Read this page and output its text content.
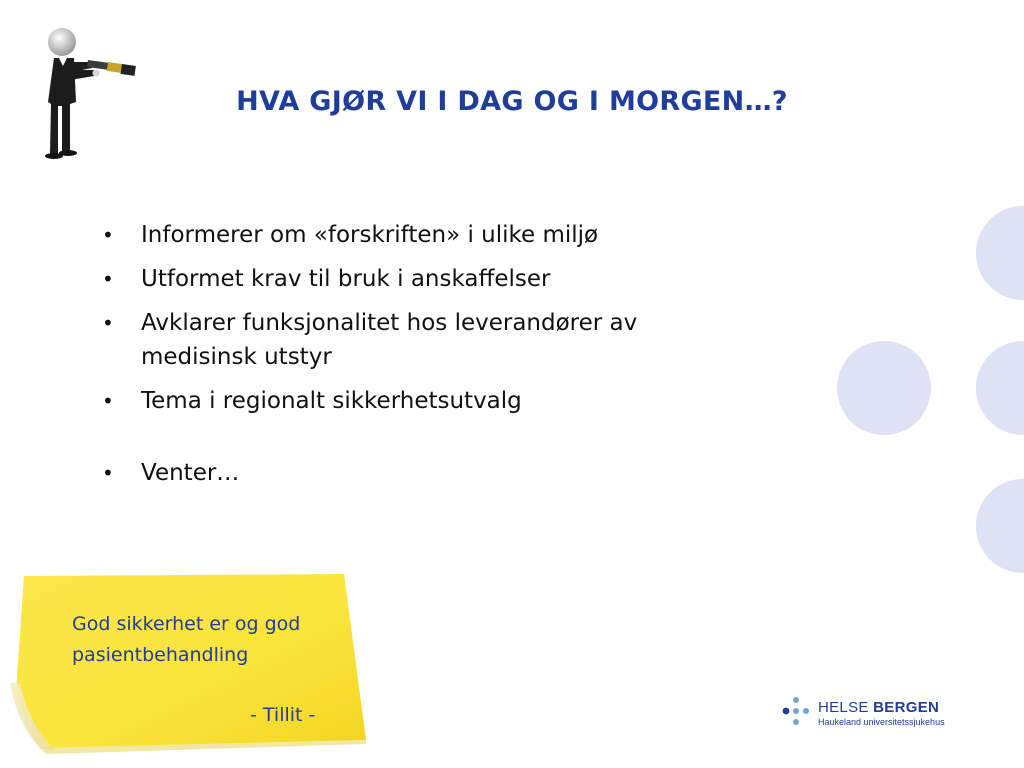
HVA GJØR VI I DAG OG I MORGEN…?
• Informerer om «forskriften» i ulike miljø
• Utformet krav til bruk i anskaffelser
• Avklarer funksjonalitet hos leverandører av medisinsk utstyr
• Tema i regionalt sikkerhetsutvalg
• Venter…
God sikkerhet er og god pasientbehandling
- Tillit -	HELSE BERGEN
Haukeland universitetssjukehus
